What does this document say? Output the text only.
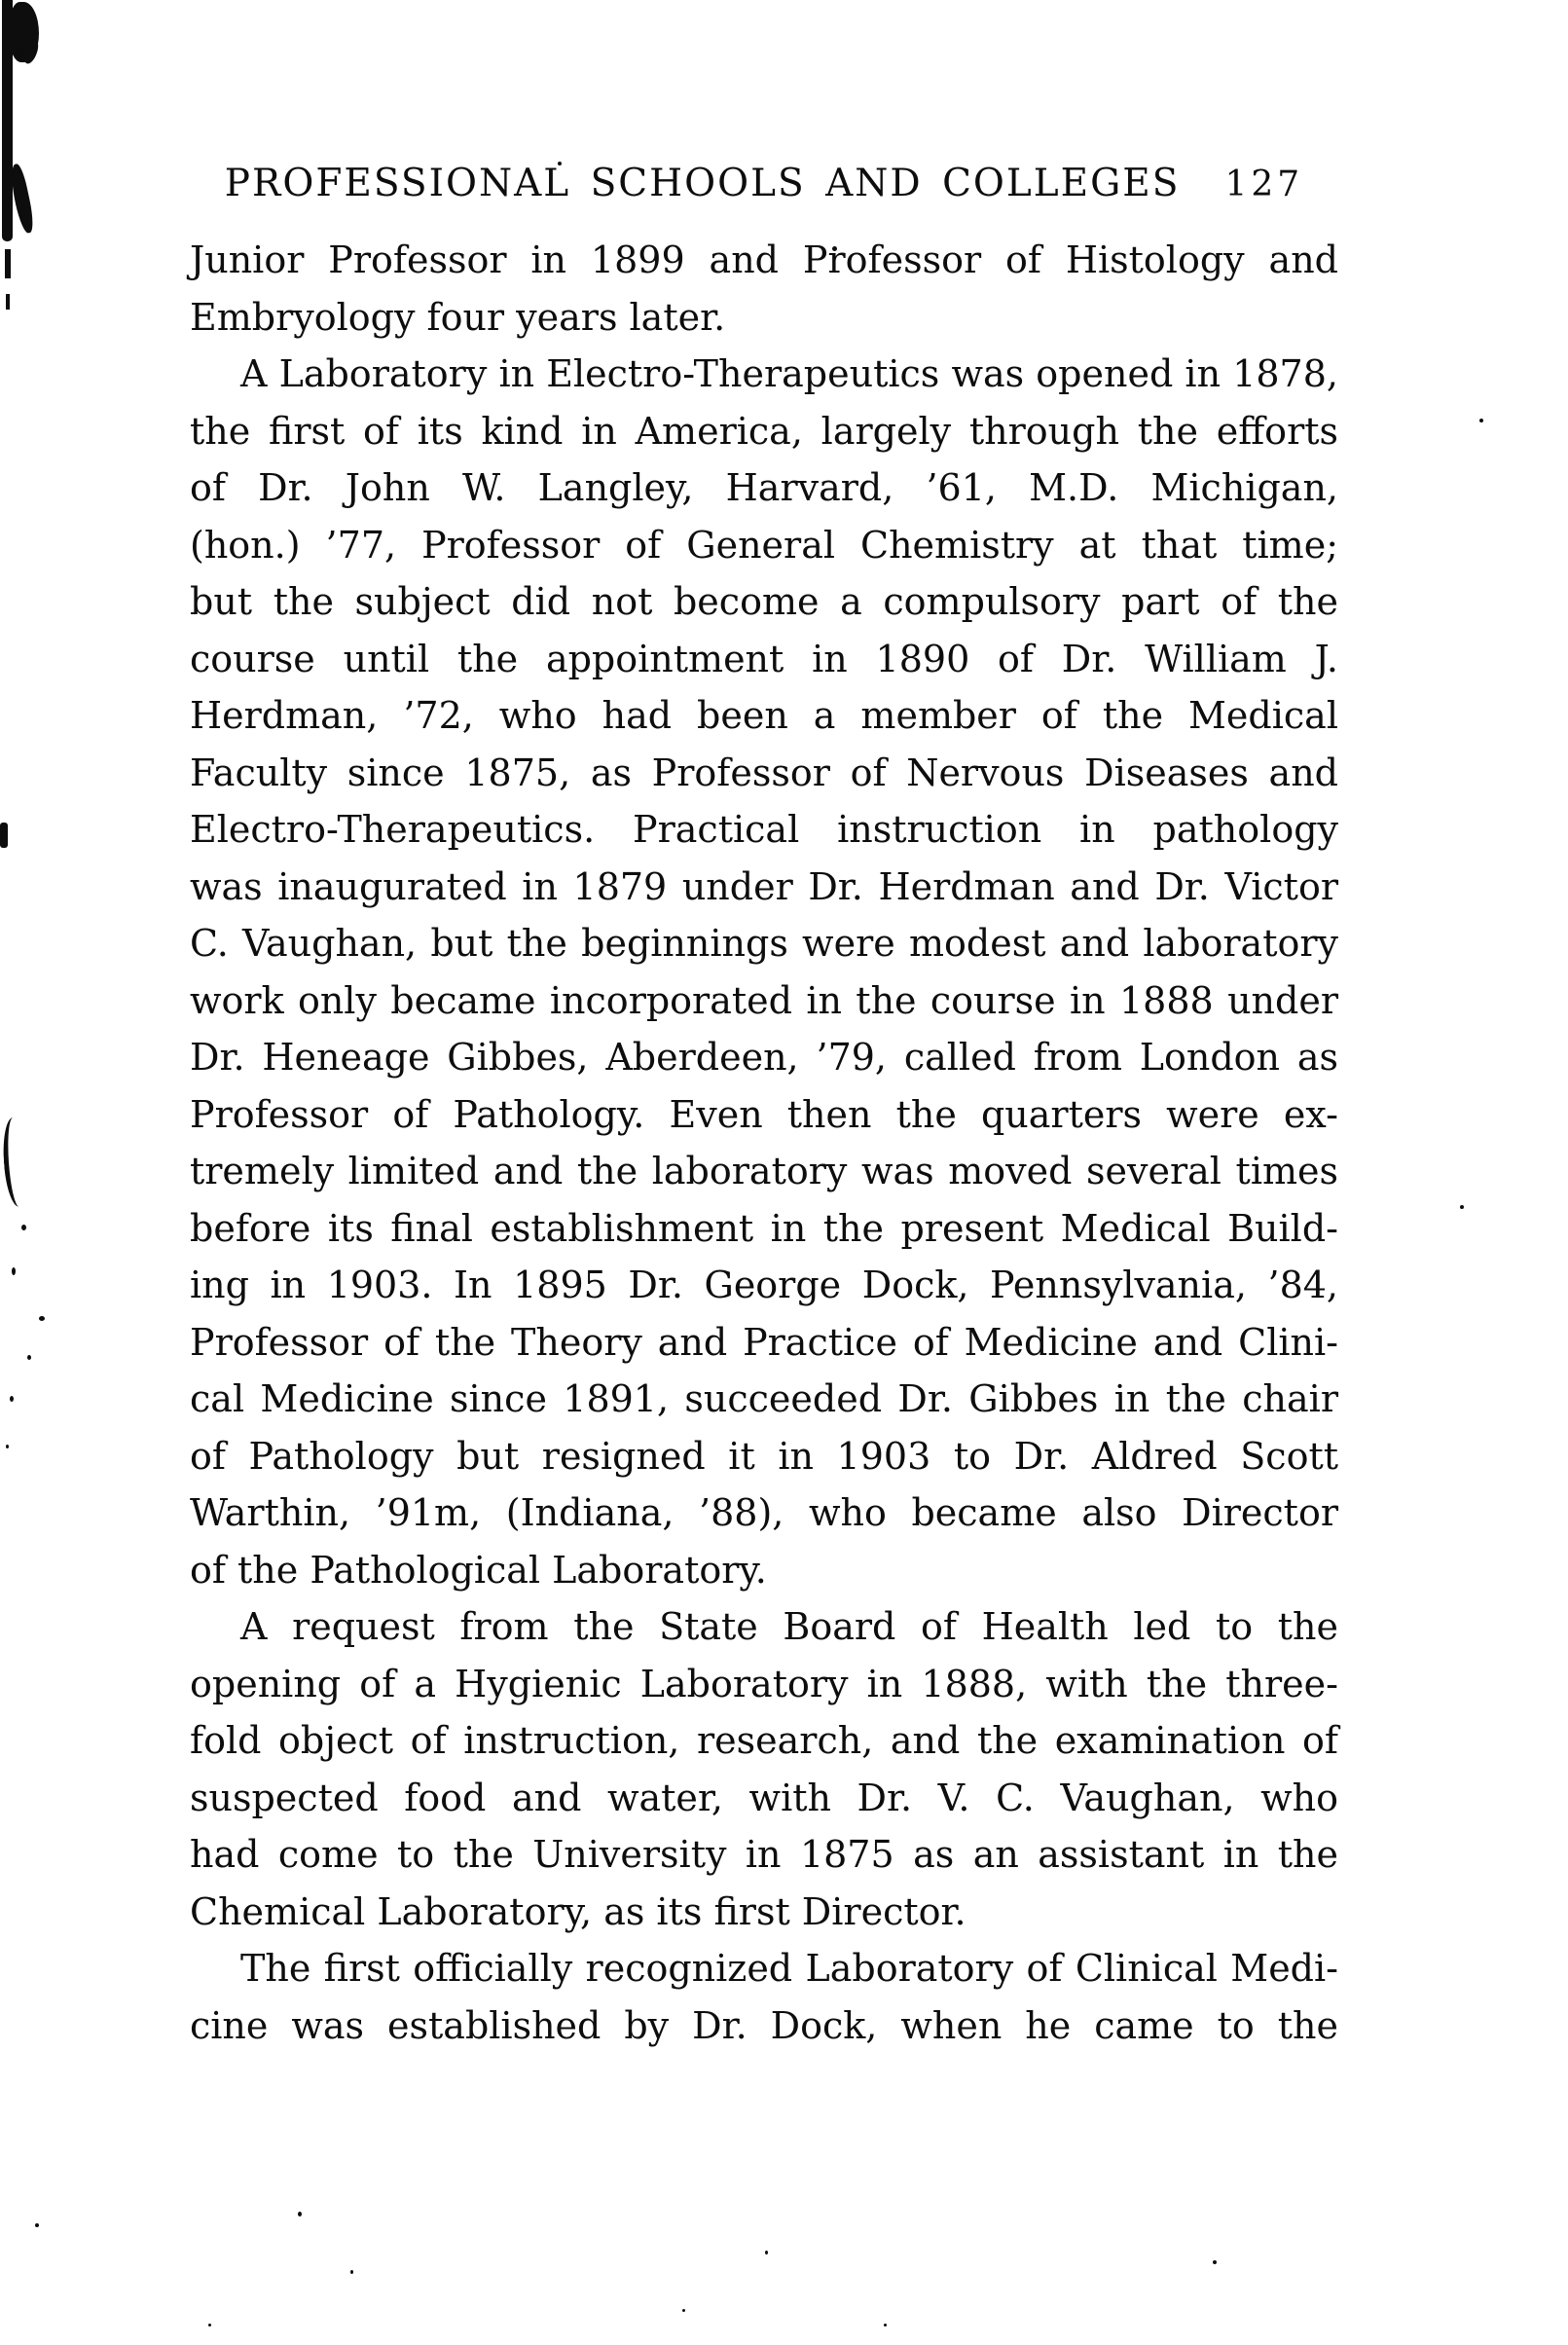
PROFESSIONAL SCHOOLS AND COLLEGES 127
Junior Professor in 1899 and Professor of Histology and
Embryology four years later.
A Laboratory in Electro-Therapeutics was opened in 1878,
the first of its kind in America, largely through the efforts
of Dr. John W. Langley, Harvard, ’61, M.D. Michigan,
(hon.) ’77, Professor of General Chemistry at that time;
but the subject did not become a compulsory part of the
course until the appointment in 1890 of Dr. William J.
Herdman, ’72, who had been a member of the Medical
Faculty since 1875, as Professor of Nervous Diseases and
Electro-Therapeutics. Practical instruction in pathology
was inaugurated in 1879 under Dr. Herdman and Dr. Victor
C. Vaughan, but the beginnings were modest and laboratory
work only became incorporated in the course in 1888 under
Dr. Heneage Gibbes, Aberdeen, ’79, called from London as
Professor of Pathology. Even then the quarters were ex-
tremely limited and the laboratory was moved several times
before its final establishment in the present Medical Build-
ing in 1903. In 1895 Dr. George Dock, Pennsylvania, ’84,
Professor of the Theory and Practice of Medicine and Clini-
cal Medicine since 1891, succeeded Dr. Gibbes in the chair
of Pathology but resigned it in 1903 to Dr. Aldred Scott
Warthin, ’91m, (Indiana, ’88), who became also Director
of the Pathological Laboratory.
A request from the State Board of Health led to the
opening of a Hygienic Laboratory in 1888, with the three-
fold object of instruction, research, and the examination of
suspected food and water, with Dr. V. C. Vaughan, who
had come to the University in 1875 as an assistant in the
Chemical Laboratory, as its first Director.
The first officially recognized Laboratory of Clinical Medi-
cine was established by Dr. Dock, when he came to the
